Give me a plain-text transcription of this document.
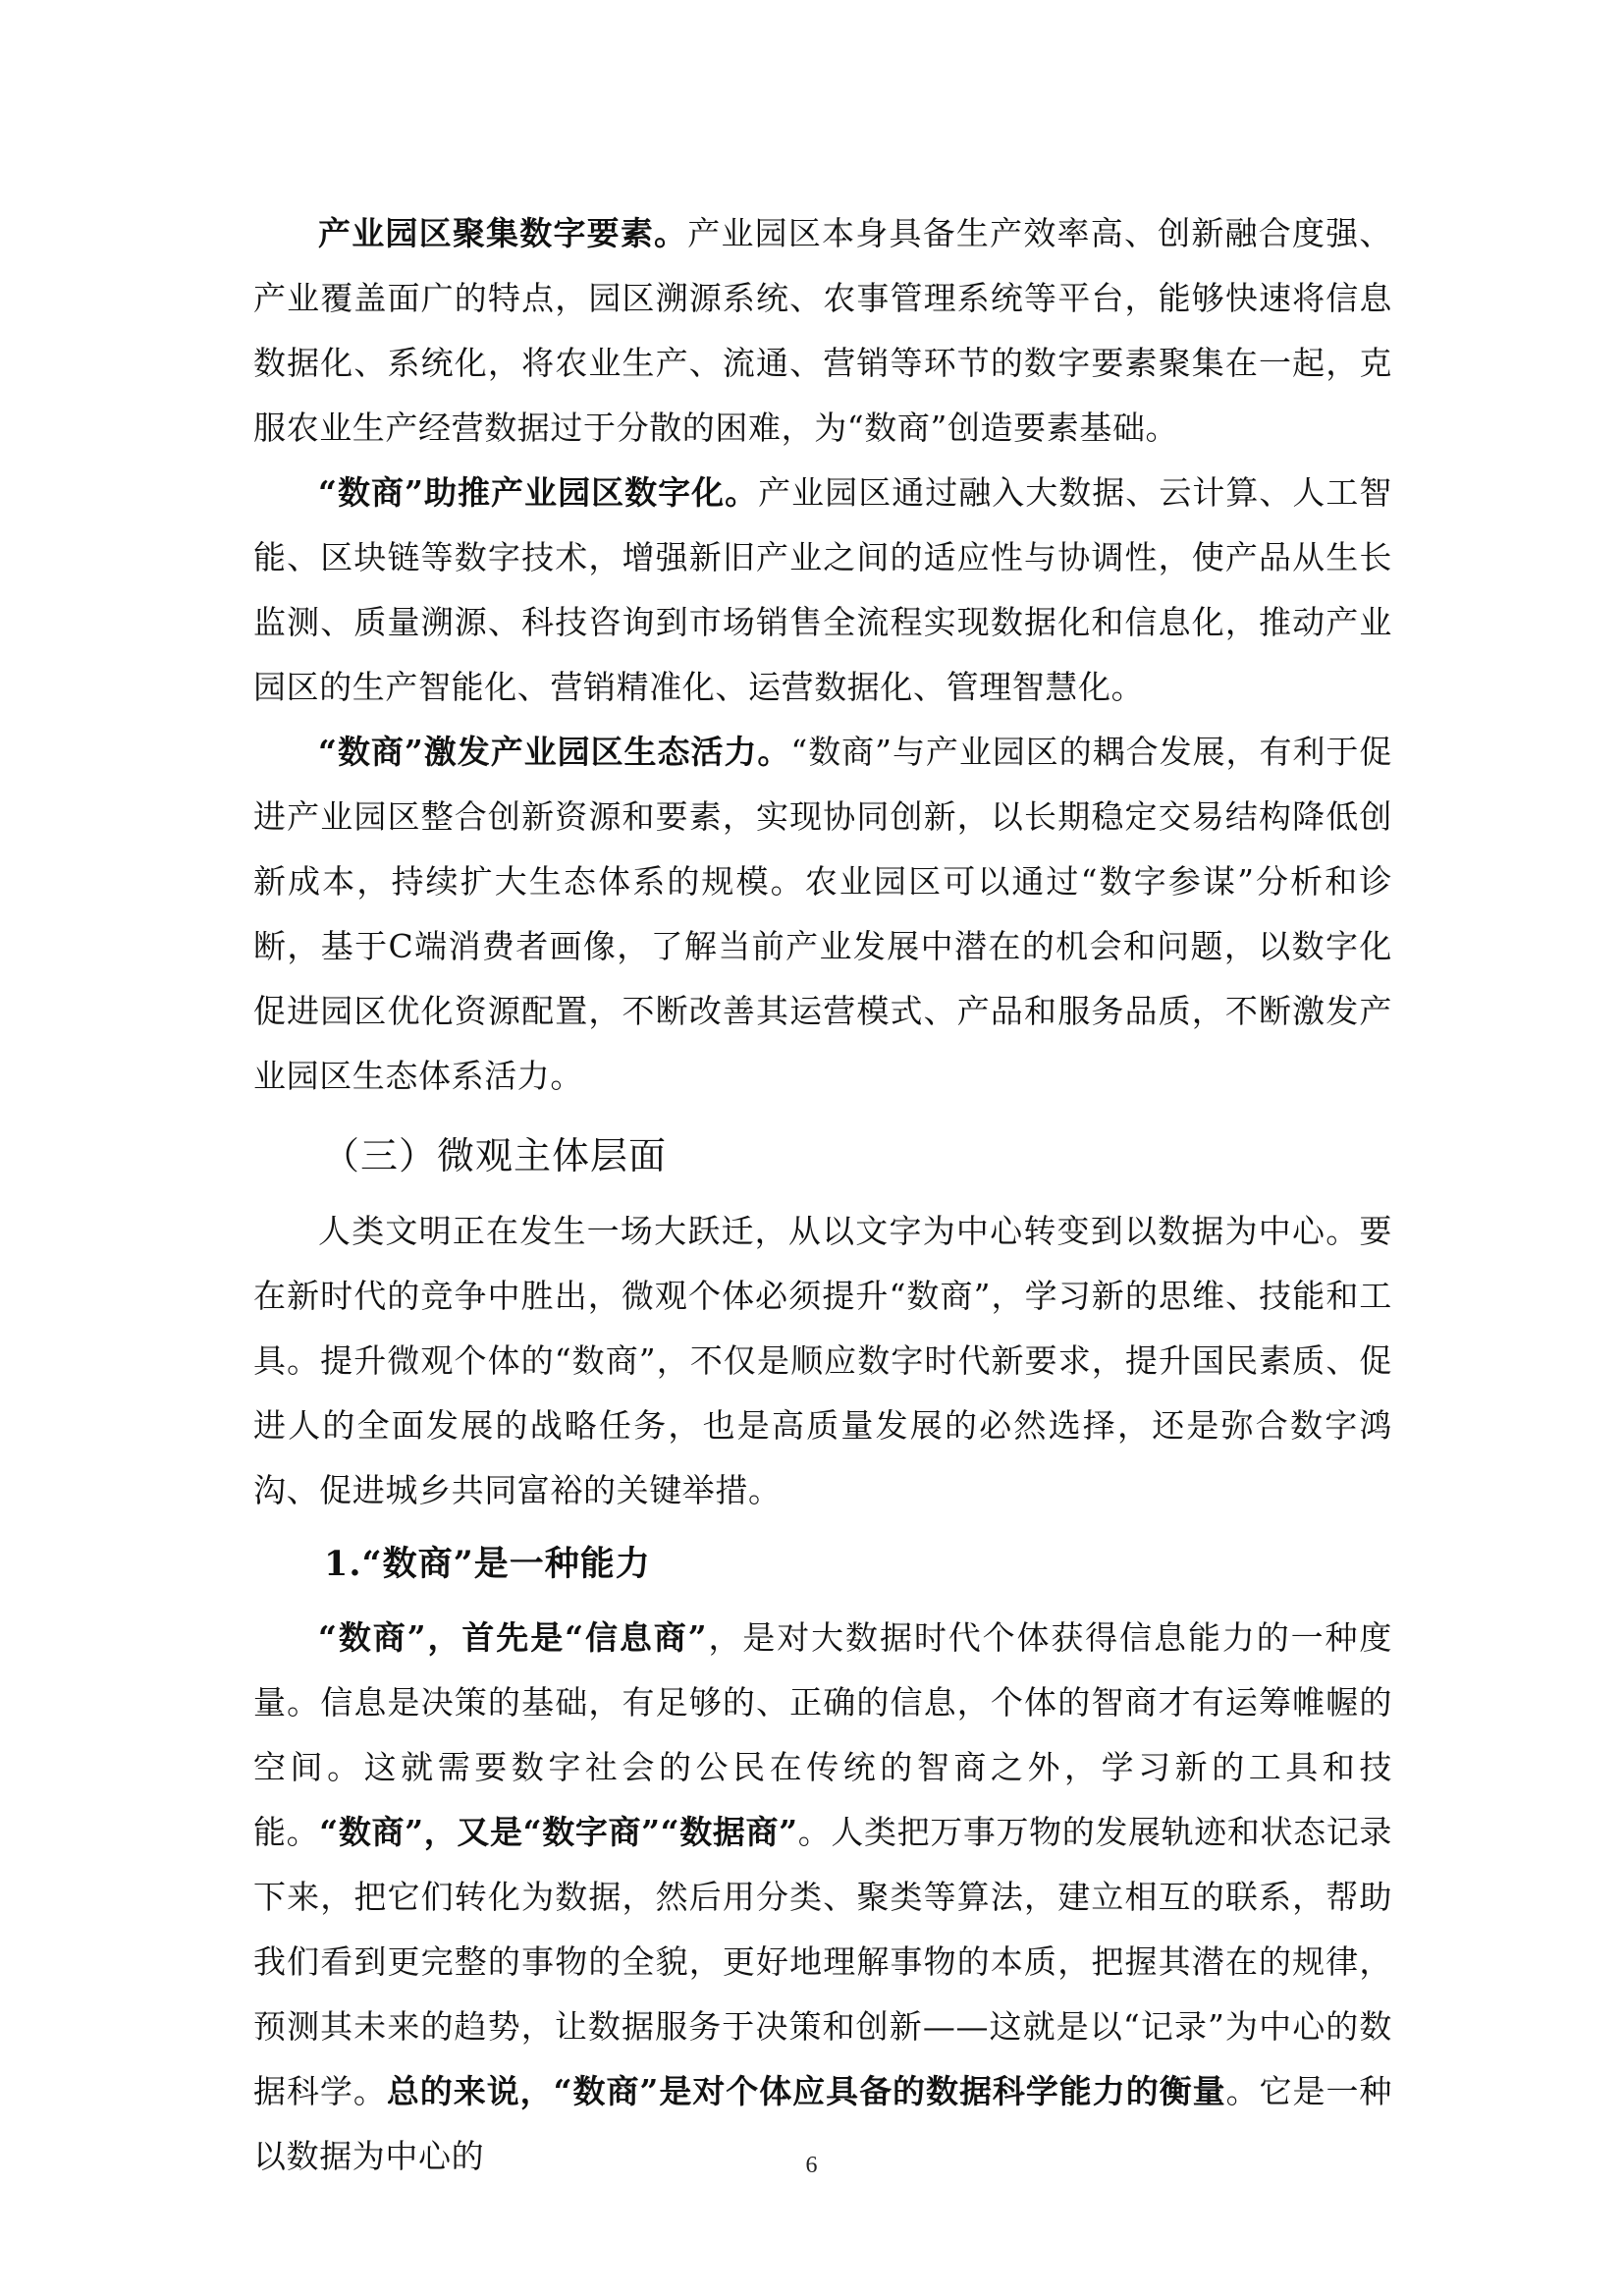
产业园区聚集数字要素。产业园区本身具备生产效率高、创新融合度强、产业覆盖面广的特点，园区溯源系统、农事管理系统等平台，能够快速将信息数据化、系统化，将农业生产、流通、营销等环节的数字要素聚集在一起，克服农业生产经营数据过于分散的困难，为“数商”创造要素基础。

“数商”助推产业园区数字化。产业园区通过融入大数据、云计算、人工智能、区块链等数字技术，增强新旧产业之间的适应性与协调性，使产品从生长监测、质量溯源、科技咨询到市场销售全流程实现数据化和信息化，推动产业园区的生产智能化、营销精准化、运营数据化、管理智慧化。

“数商”激发产业园区生态活力。“数商”与产业园区的耦合发展，有利于促进产业园区整合创新资源和要素，实现协同创新，以长期稳定交易结构降低创新成本，持续扩大生态体系的规模。农业园区可以通过“数字参谋”分析和诊断，基于C端消费者画像，了解当前产业发展中潜在的机会和问题，以数字化促进园区优化资源配置，不断改善其运营模式、产品和服务品质，不断激发产业园区生态体系活力。

（三）微观主体层面

人类文明正在发生一场大跃迁，从以文字为中心转变到以数据为中心。要在新时代的竞争中胜出，微观个体必须提升“数商”，学习新的思维、技能和工具。提升微观个体的“数商”，不仅是顺应数字时代新要求，提升国民素质、促进人的全面发展的战略任务，也是高质量发展的必然选择，还是弥合数字鸿沟、促进城乡共同富裕的关键举措。

1.“数商”是一种能力

“数商”，首先是“信息商”，是对大数据时代个体获得信息能力的一种度量。信息是决策的基础，有足够的、正确的信息，个体的智商才有运筹帷幄的空间。这就需要数字社会的公民在传统的智商之外，学习新的工具和技能。“数商”，又是“数字商”“数据商”。人类把万事万物的发展轨迹和状态记录下来，把它们转化为数据，然后用分类、聚类等算法，建立相互的联系，帮助我们看到更完整的事物的全貌，更好地理解事物的本质，把握其潜在的规律，预测其未来的趋势，让数据服务于决策和创新——这就是以“记录”为中心的数据科学。总的来说，“数商”是对个体应具备的数据科学能力的衡量。它是一种以数据为中心的	6
